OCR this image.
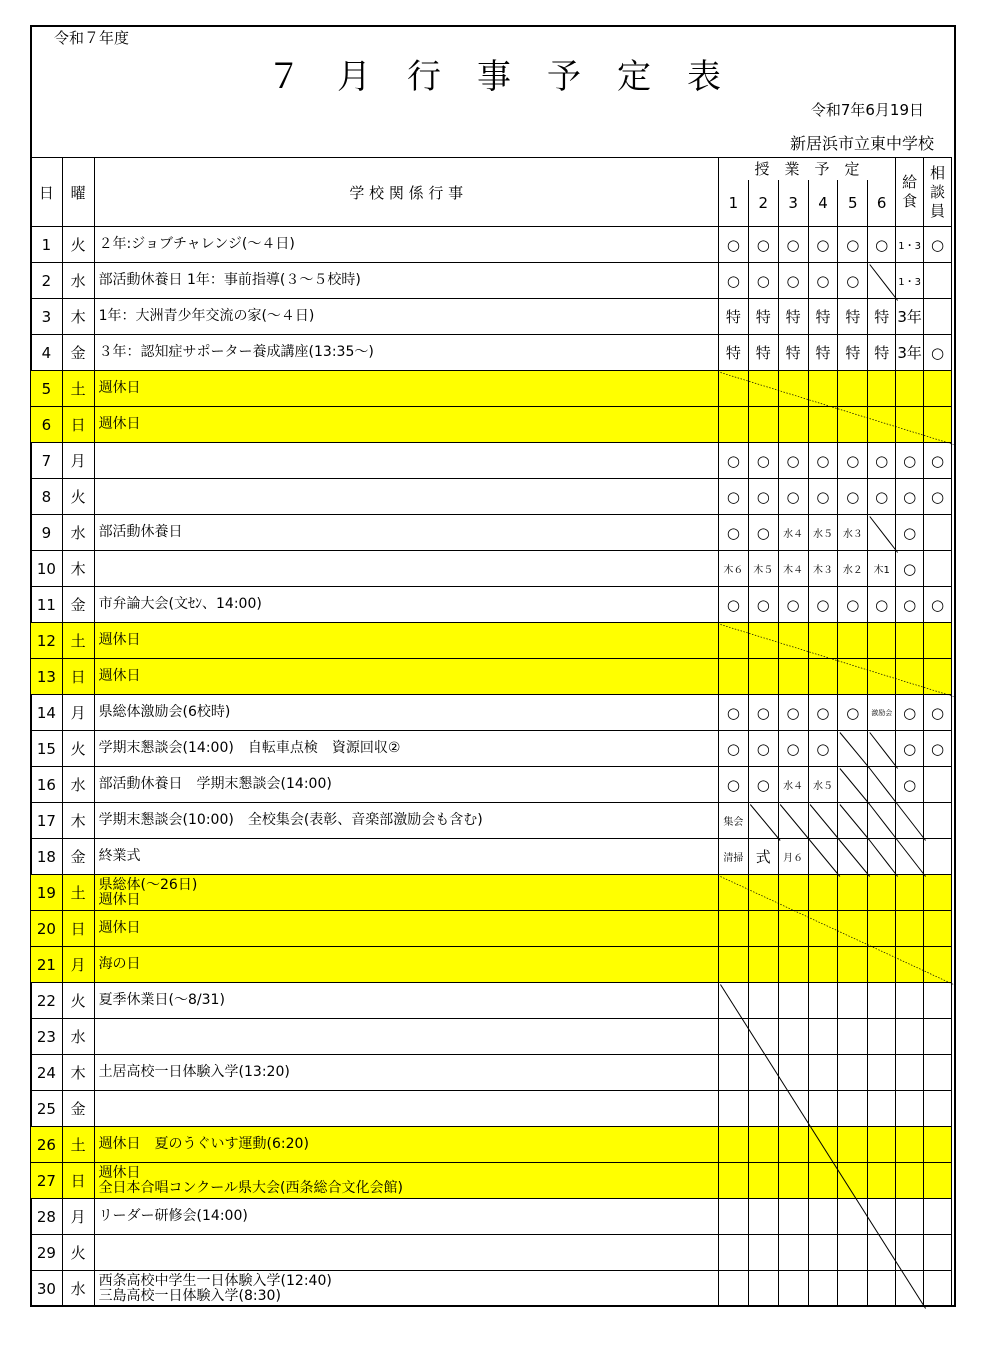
令和７年度
７月行事予定表
令和7年6月19日
新居浜市立東中学校
日	曜	学 校 関 係 行 事	授　業　予　定						給食	相談員

			1	2	3	4	5	6		
1	火	２年:ジョブチャレンジ(～４日)	○	○	○	○	○	○	1・3	○
2	水	部活動休養日 1年：事前指導(３～５校時)	○	○	○	○	○		1・3	
3	木	1年：大洲青少年交流の家(～４日)	特	特	特	特	特	特	3年	
4	金	３年：認知症サポーター養成講座(13:35～)	特	特	特	特	特	特	3年	○
5	土	週休日								
6	日	週休日								
7	月		○	○	○	○	○	○	○	○
8	火		○	○	○	○	○	○	○	○
9	水	部活動休養日	○	○	水４	水５	水３		○	
10	木		木６	木５	木４	木３	水２	木1	○	
11	金	市弁論大会(文ｾﾝ、14:00)	○	○	○	○	○	○	○	○
12	土	週休日								
13	日	週休日								
14	月	県総体激励会(6校時)	○	○	○	○	○	激励会	○	○
15	火	学期末懇談会(14:00)　自転車点検　資源回収②	○	○	○	○			○	○
16	水	部活動休養日　学期末懇談会(14:00)	○	○	水４	水５			○	
17	木	学期末懇談会(10:00)　全校集会(表彰、音楽部激励会も含む)	集会							
18	金	終業式	清掃	式	月６					
19	土	県総体(～26日)
週休日								
20	日	週休日								
21	月	海の日								
22	火	夏季休業日(～8/31)								
23	水									
24	木	土居高校一日体験入学(13:20)								
25	金									
26	土	週休日　夏のうぐいす運動(6:20)								
27	日	週休日
全日本合唱コンクール県大会(西条総合文化会館)								
28	月	リーダー研修会(14:00)								
29	火									
30	水	西条高校中学生一日体験入学(12:40)
三島高校一日体験入学(8:30)								
